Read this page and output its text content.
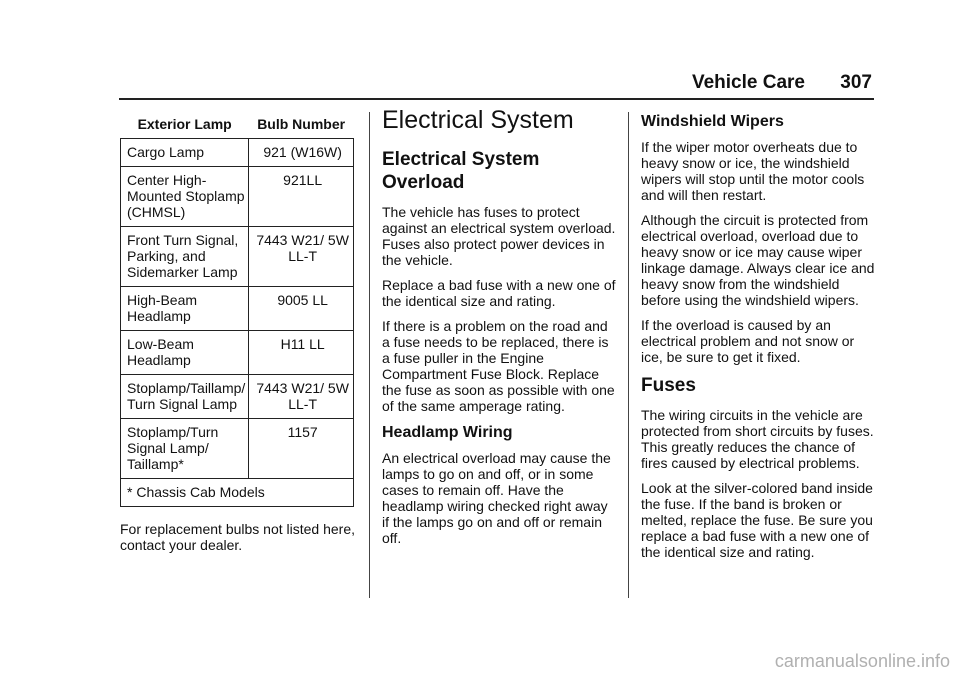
Vehicle Care 307
Exterior Lamp	Bulb Number
Cargo Lamp	921 (W16W)
Center High-Mounted Stoplamp (CHMSL)	921LL
Front Turn Signal, Parking, and Sidemarker Lamp	7443 W21/ 5W LL-T
High-Beam Headlamp	9005 LL
Low-Beam Headlamp	H11 LL
Stoplamp/Taillamp/ Turn Signal Lamp	7443 W21/ 5W LL-T
Stoplamp/Turn Signal Lamp/ Taillamp*	1157
* Chassis Cab Models	

For replacement bulbs not listed here, contact your dealer.

Electrical System
Electrical System Overload

The vehicle has fuses to protect against an electrical system overload. Fuses also protect power devices in the vehicle.

Replace a bad fuse with a new one of the identical size and rating.

If there is a problem on the road and a fuse needs to be replaced, there is a fuse puller in the Engine Compartment Fuse Block. Replace the fuse as soon as possible with one of the same amperage rating.

Headlamp Wiring

An electrical overload may cause the lamps to go on and off, or in some cases to remain off. Have the headlamp wiring checked right away if the lamps go on and off or remain off.

Windshield Wipers

If the wiper motor overheats due to heavy snow or ice, the windshield wipers will stop until the motor cools and will then restart.

Although the circuit is protected from electrical overload, overload due to heavy snow or ice may cause wiper linkage damage. Always clear ice and heavy snow from the windshield before using the windshield wipers.

If the overload is caused by an electrical problem and not snow or ice, be sure to get it fixed.

Fuses

The wiring circuits in the vehicle are protected from short circuits by fuses. This greatly reduces the chance of fires caused by electrical problems.

Look at the silver-colored band inside the fuse. If the band is broken or melted, replace the fuse. Be sure you replace a bad fuse with a new one of the identical size and rating.

carmanualsonline.info
